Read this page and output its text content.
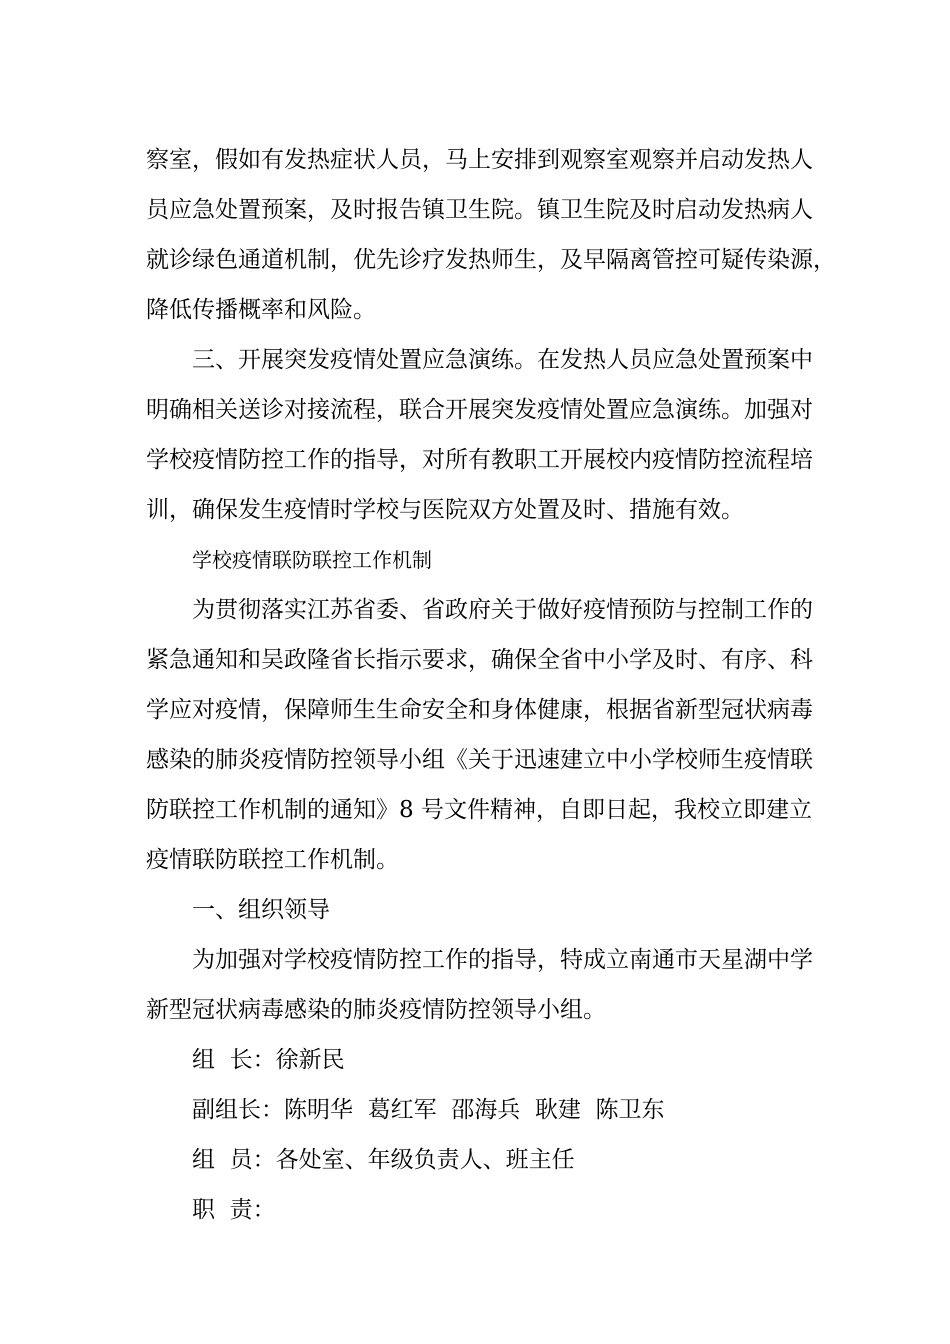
察室，假如有发热症状人员，马上安排到观察室观察并启动发热人
员应急处置预案，及时报告镇卫生院。镇卫生院及时启动发热病人
就诊绿色通道机制，优先诊疗发热师生，及早隔离管控可疑传染源，
降低传播概率和风险。
三、开展突发疫情处置应急演练。在发热人员应急处置预案中
明确相关送诊对接流程，联合开展突发疫情处置应急演练。加强对
学校疫情防控工作的指导，对所有教职工开展校内疫情防控流程培
训，确保发生疫情时学校与医院双方处置及时、措施有效。
学校疫情联防联控工作机制
为贯彻落实江苏省委、省政府关于做好疫情预防与控制工作的
紧急通知和吴政隆省长指示要求，确保全省中小学及时、有序、科
学应对疫情，保障师生生命安全和身体健康，根据省新型冠状病毒
感染的肺炎疫情防控领导小组《关于迅速建立中小学校师生疫情联
防联控工作机制的通知》8 号文件精神，自即日起，我校立即建立
疫情联防联控工作机制。
一、组织领导
为加强对学校疫情防控工作的指导，特成立南通市天星湖中学
新型冠状病毒感染的肺炎疫情防控领导小组。
组  长：徐新民
副组长：陈明华  葛红军  邵海兵  耿建  陈卫东
组  员：各处室、年级负责人、班主任
职  责：
